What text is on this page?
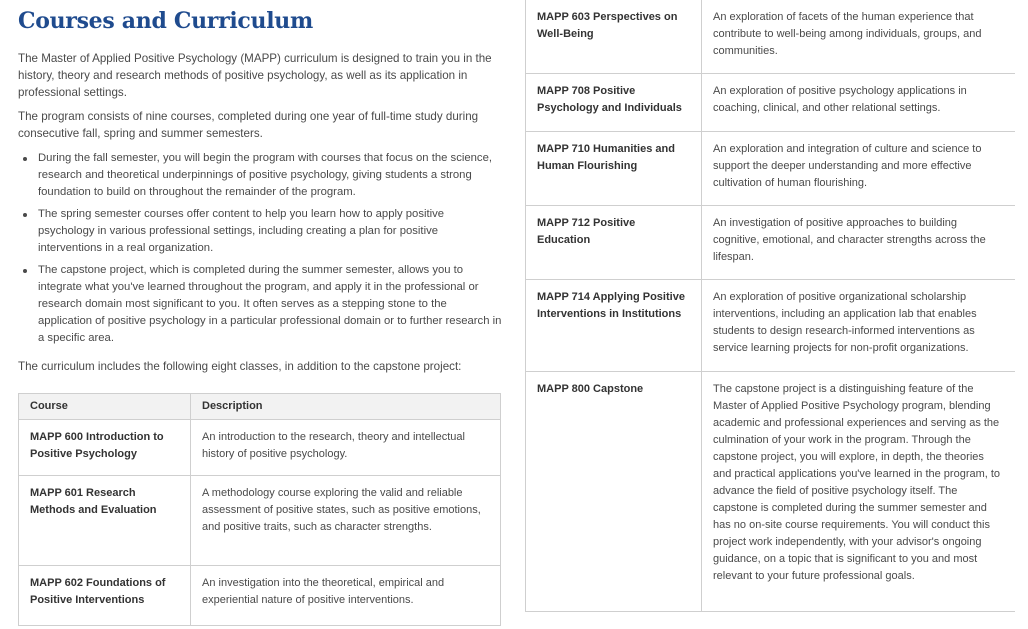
Courses and Curriculum

The Master of Applied Positive Psychology (MAPP) curriculum is designed to train you in the history, theory and research methods of positive psychology, as well as its application in professional settings.

The program consists of nine courses, completed during one year of full-time study during consecutive fall, spring and summer semesters.

During the fall semester, you will begin the program with courses that focus on the science, research and theoretical underpinnings of positive psychology, giving students a strong foundation to build on throughout the remainder of the program.
The spring semester courses offer content to help you learn how to apply positive psychology in various professional settings, including creating a plan for positive interventions in a real organization.
The capstone project, which is completed during the summer semester, allows you to integrate what you've learned throughout the program, and apply it in the professional or research domain most significant to you. It often serves as a stepping stone to the application of positive psychology in a particular professional domain or to further research in a specific area.

The curriculum includes the following eight classes, in addition to the capstone project:

Course	Description
MAPP 600 Introduction to Positive Psychology	An introduction to the research, theory and intellectual history of positive psychology.
MAPP 601 Research Methods and Evaluation	A methodology course exploring the valid and reliable assessment of positive states, such as positive emotions, and positive traits, such as character strengths.
MAPP 602 Foundations of Positive Interventions	An investigation into the theoretical, empirical and experiential nature of positive interventions.
MAPP 603 Perspectives on Well-Being	An exploration of facets of the human experience that contribute to well-being among individuals, groups, and communities.
MAPP 708 Positive Psychology and Individuals	An exploration of positive psychology applications in coaching, clinical, and other relational settings.
MAPP 710 Humanities and Human Flourishing	An exploration and integration of culture and science to support the deeper understanding and more effective cultivation of human flourishing.
MAPP 712 Positive Education	An investigation of positive approaches to building cognitive, emotional, and character strengths across the lifespan.
MAPP 714 Applying Positive Interventions in Institutions	An exploration of positive organizational scholarship interventions, including an application lab that enables students to design research-informed interventions as service learning projects for non-profit organizations.
MAPP 800 Capstone	The capstone project is a distinguishing feature of the Master of Applied Positive Psychology program, blending academic and professional experiences and serving as the culmination of your work in the program. Through the capstone project, you will explore, in depth, the theories and practical applications you've learned in the program, to advance the field of positive psychology itself. The capstone is completed during the summer semester and has no on-site course requirements. You will conduct this project work independently, with your advisor's ongoing guidance, on a topic that is significant to you and most relevant to your future professional goals.
